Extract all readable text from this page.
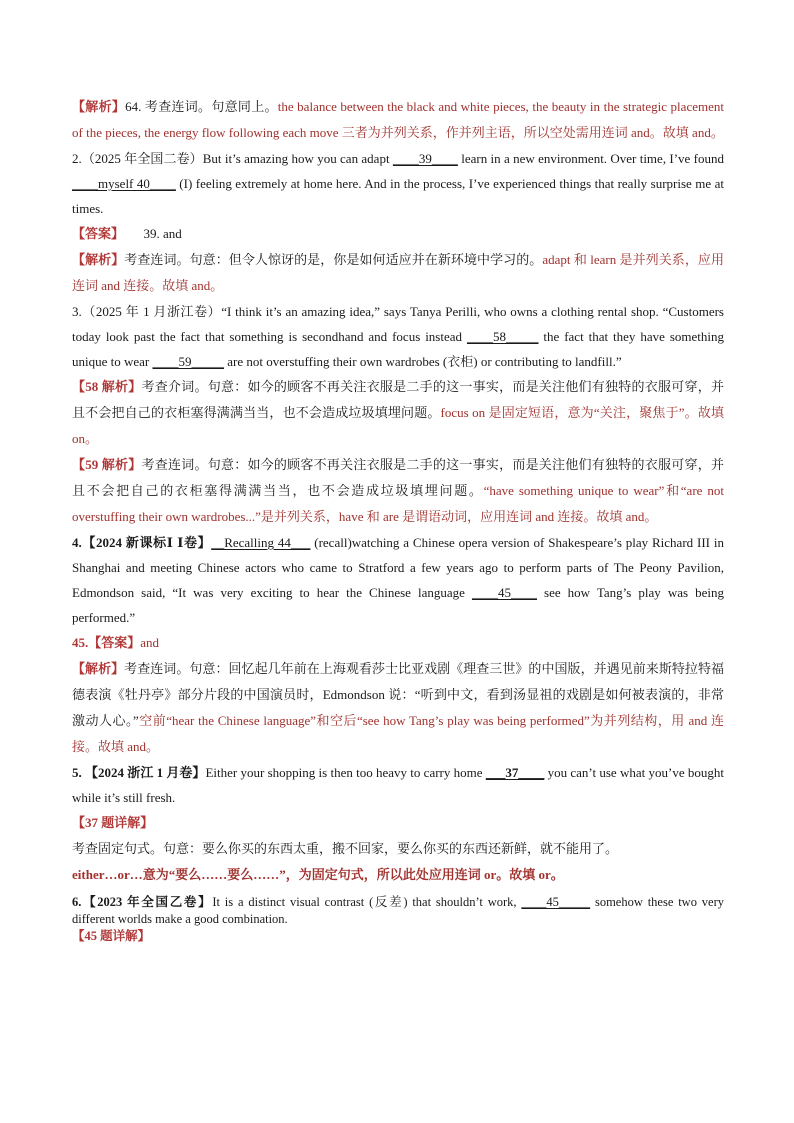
【解析】64. 考查连词。句意同上。the balance between the black and white pieces, the beauty in the strategic placement of the pieces, the energy flow following each move 三者为并列关系，作并列主语，所以空处需用连词 and。故填 and。

2.（2025 年全国二卷）But it’s amazing how you can adapt ____39____ learn in a new environment. Over time, I’ve found ____myself 40____ (I) feeling extremely at home here. And in the process, I’ve experienced things that really surprise me at times.

【答案】      39. and

【解析】考查连词。句意：但令人惊讶的是，你是如何适应并在新环境中学习的。adapt 和 learn 是并列关系，应用连词 and 连接。故填 and。

3.（2025 年 1 月浙江卷）“I think it’s an amazing idea,” says Tanya Perilli, who owns a clothing rental shop. “Customers today look past the fact that something is secondhand and focus instead ____58_____ the fact that they have something unique to wear ____59_____ are not overstuffing their own wardrobes (衣柜) or contributing to landfill.”

【58 解析】考查介词。句意：如今的顾客不再关注衣服是二手的这一事实，而是关注他们有独特的衣服可穿，并且不会把自己的衣柜塞得满满当当，也不会造成垃圾填埋问题。focus on 是固定短语，意为“关注，聚焦于”。故填 on。

【59 解析】考查连词。句意：如今的顾客不再关注衣服是二手的这一事实，而是关注他们有独特的衣服可穿，并且不会把自己的衣柜塞得满满当当，也不会造成垃圾填埋问题。“have something unique to wear”和“are not overstuffing their own wardrobes...”是并列关系，have 和 are 是谓语动词，应用连词 and 连接。故填 and。

4.【2024 新课标Ⅰ Ⅰ卷】__Recalling 44___ (recall)watching a Chinese opera version of Shakespeare’s play Richard III in Shanghai and meeting Chinese actors who came to Stratford a few years ago to perform parts of The Peony Pavilion, Edmondson said, “It was very exciting to hear the Chinese language ____45____ see how Tang’s play was being performed.”

45.【答案】and

【解析】考查连词。句意：回忆起几年前在上海观看莎士比亚戏剧《理查三世》的中国版，并遇见前来斯特拉特福德表演《牡丹亭》部分片段的中国演员时，Edmondson 说：“听到中文，看到汤显祖的戏剧是如何被表演的，非常激动人心。”空前“hear the Chinese language”和空后“see how Tang’s play was being performed”为并列结构，用 and 连接。故填 and。

5. 【2024 浙江 1 月卷】Either your shopping is then too heavy to carry home ___37____ you can’t use what you’ve bought while it’s still fresh.

【37 题详解】

考查固定句式。句意：要么你买的东西太重，搬不回家，要么你买的东西还新鲜，就不能用了。

either…or…意为“要么……要么……”，为固定句式，所以此处应用连词 or。故填 or。

6.【2023 年全国乙卷】It is a distinct visual contrast (反差) that shouldn’t work, ____45_____ somehow these two very different worlds make a good combination.

【45 题详解】
